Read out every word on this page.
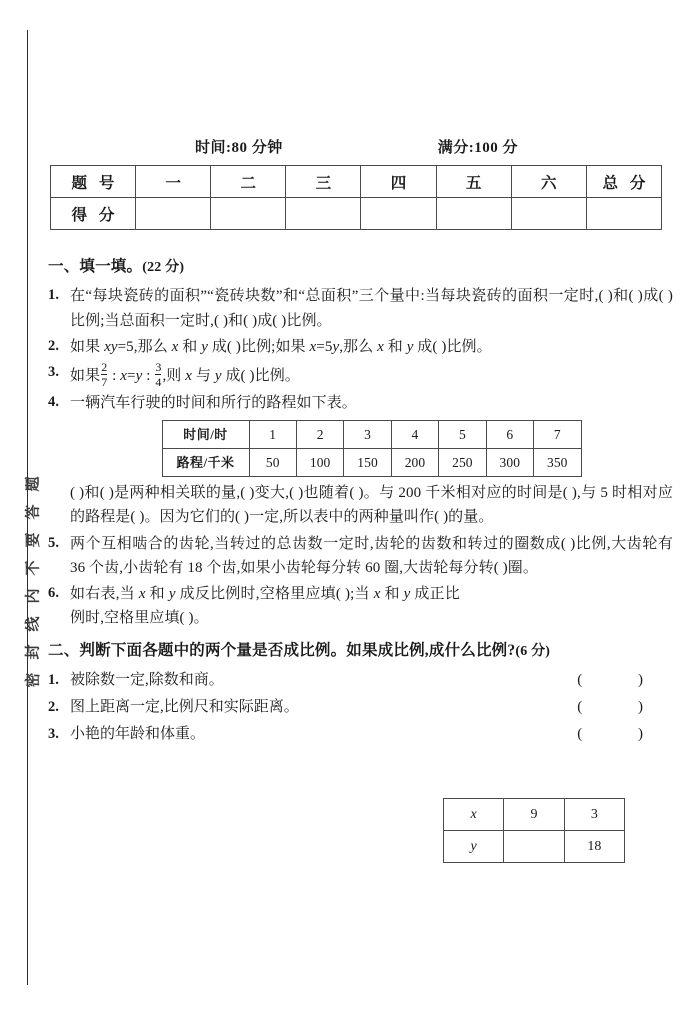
密封线内不要答题
时间:80 分钟	满分:100 分
题 号	一	二	三	四	五	六	总 分
得 分							

一、填一填。(22 分)

1. 在“每块瓷砖的面积”“瓷砖块数”和“总面积”三个量中:当每块瓷砖的面积一定时,( )和( )成( )比例;当总面积一定时,( )和( )成( )比例。
2. 如果 xy=5,那么 x 和 y 成( )比例;如果 x=5y,那么 x 和 y 成( )比例。
3. 如果$\frac{2}{7}$ : x=y : $\frac{3}{4}$ ,则 x 与 y 成( )比例。
4. 一辆汽车行驶的时间和所行的路程如下表。
时间/时	1	2	3	4	5	6	7
路程/千米	50	100	150	200	250	300	350
( )和( )是两种相关联的量,( )变大,( )也随着( )。与 200 千米相对应的时间是( ),与 5 时相对应的路程是( )。因为它们的( )一定,所以表中的两种量叫作( )的量。
5. 两个互相啮合的齿轮,当转过的总齿数一定时,齿轮的齿数和转过的圈数成( )比例,大齿轮有 36 个齿,小齿轮有 18 个齿,如果小齿轮每分转 60 圈,大齿轮每分转( )圈。
6. 如右表,当 x 和 y 成反比例时,空格里应填( );当 x 和 y 成正比例时,空格里应填( )。

二、判断下面各题中的两个量是否成比例。如果成比例,成什么比例?(6 分)

1. 被除数一定,除数和商。	( )
2. 图上距离一定,比例尺和实际距离。	( )
3. 小艳的年龄和体重。	( )
x	9	3
y		18
